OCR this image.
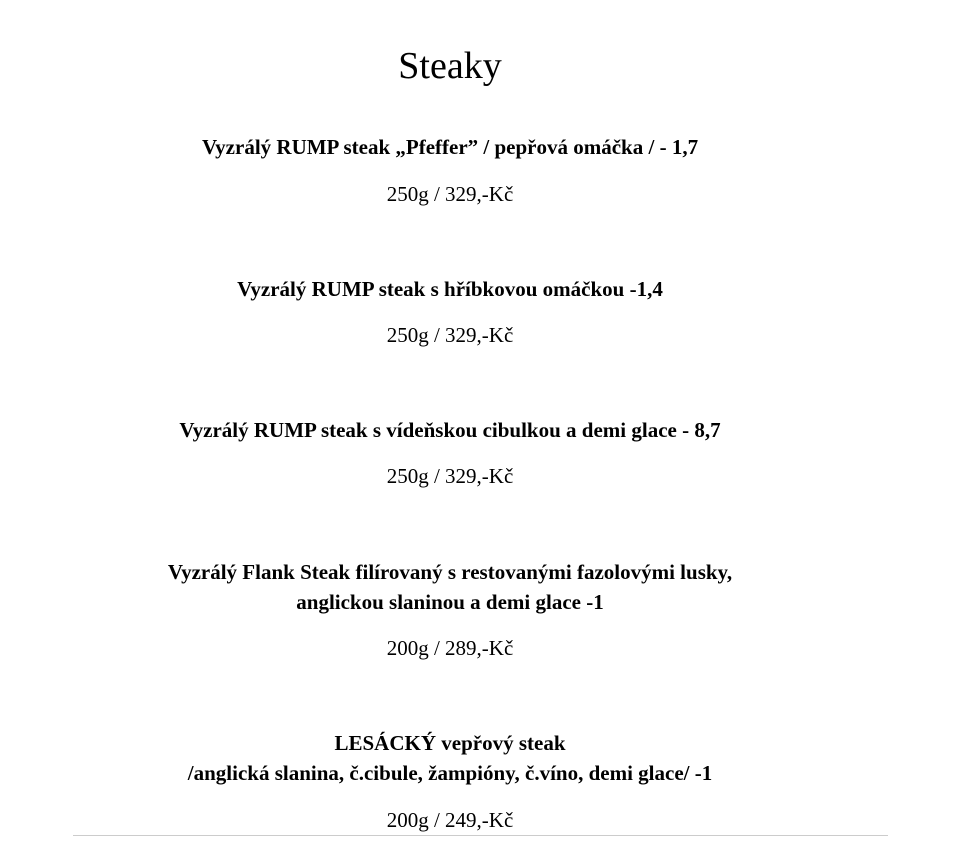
Steaky
Vyzrálý RUMP steak „Pfeffer” / pepřová omáčka / - 1,7
250g / 329,-Kč
Vyzrálý RUMP steak s hříbkovou omáčkou -1,4
250g / 329,-Kč
Vyzrálý RUMP steak s vídeňskou cibulkou a demi glace - 8,7
250g / 329,-Kč
Vyzrálý Flank Steak filírovaný s restovanými fazolovými lusky,
anglickou slaninou a demi glace -1
200g / 289,-Kč
LESÁCKÝ vepřový steak
/anglická slanina, č.cibule, žampióny, č.víno, demi glace/ -1
200g / 249,-Kč
